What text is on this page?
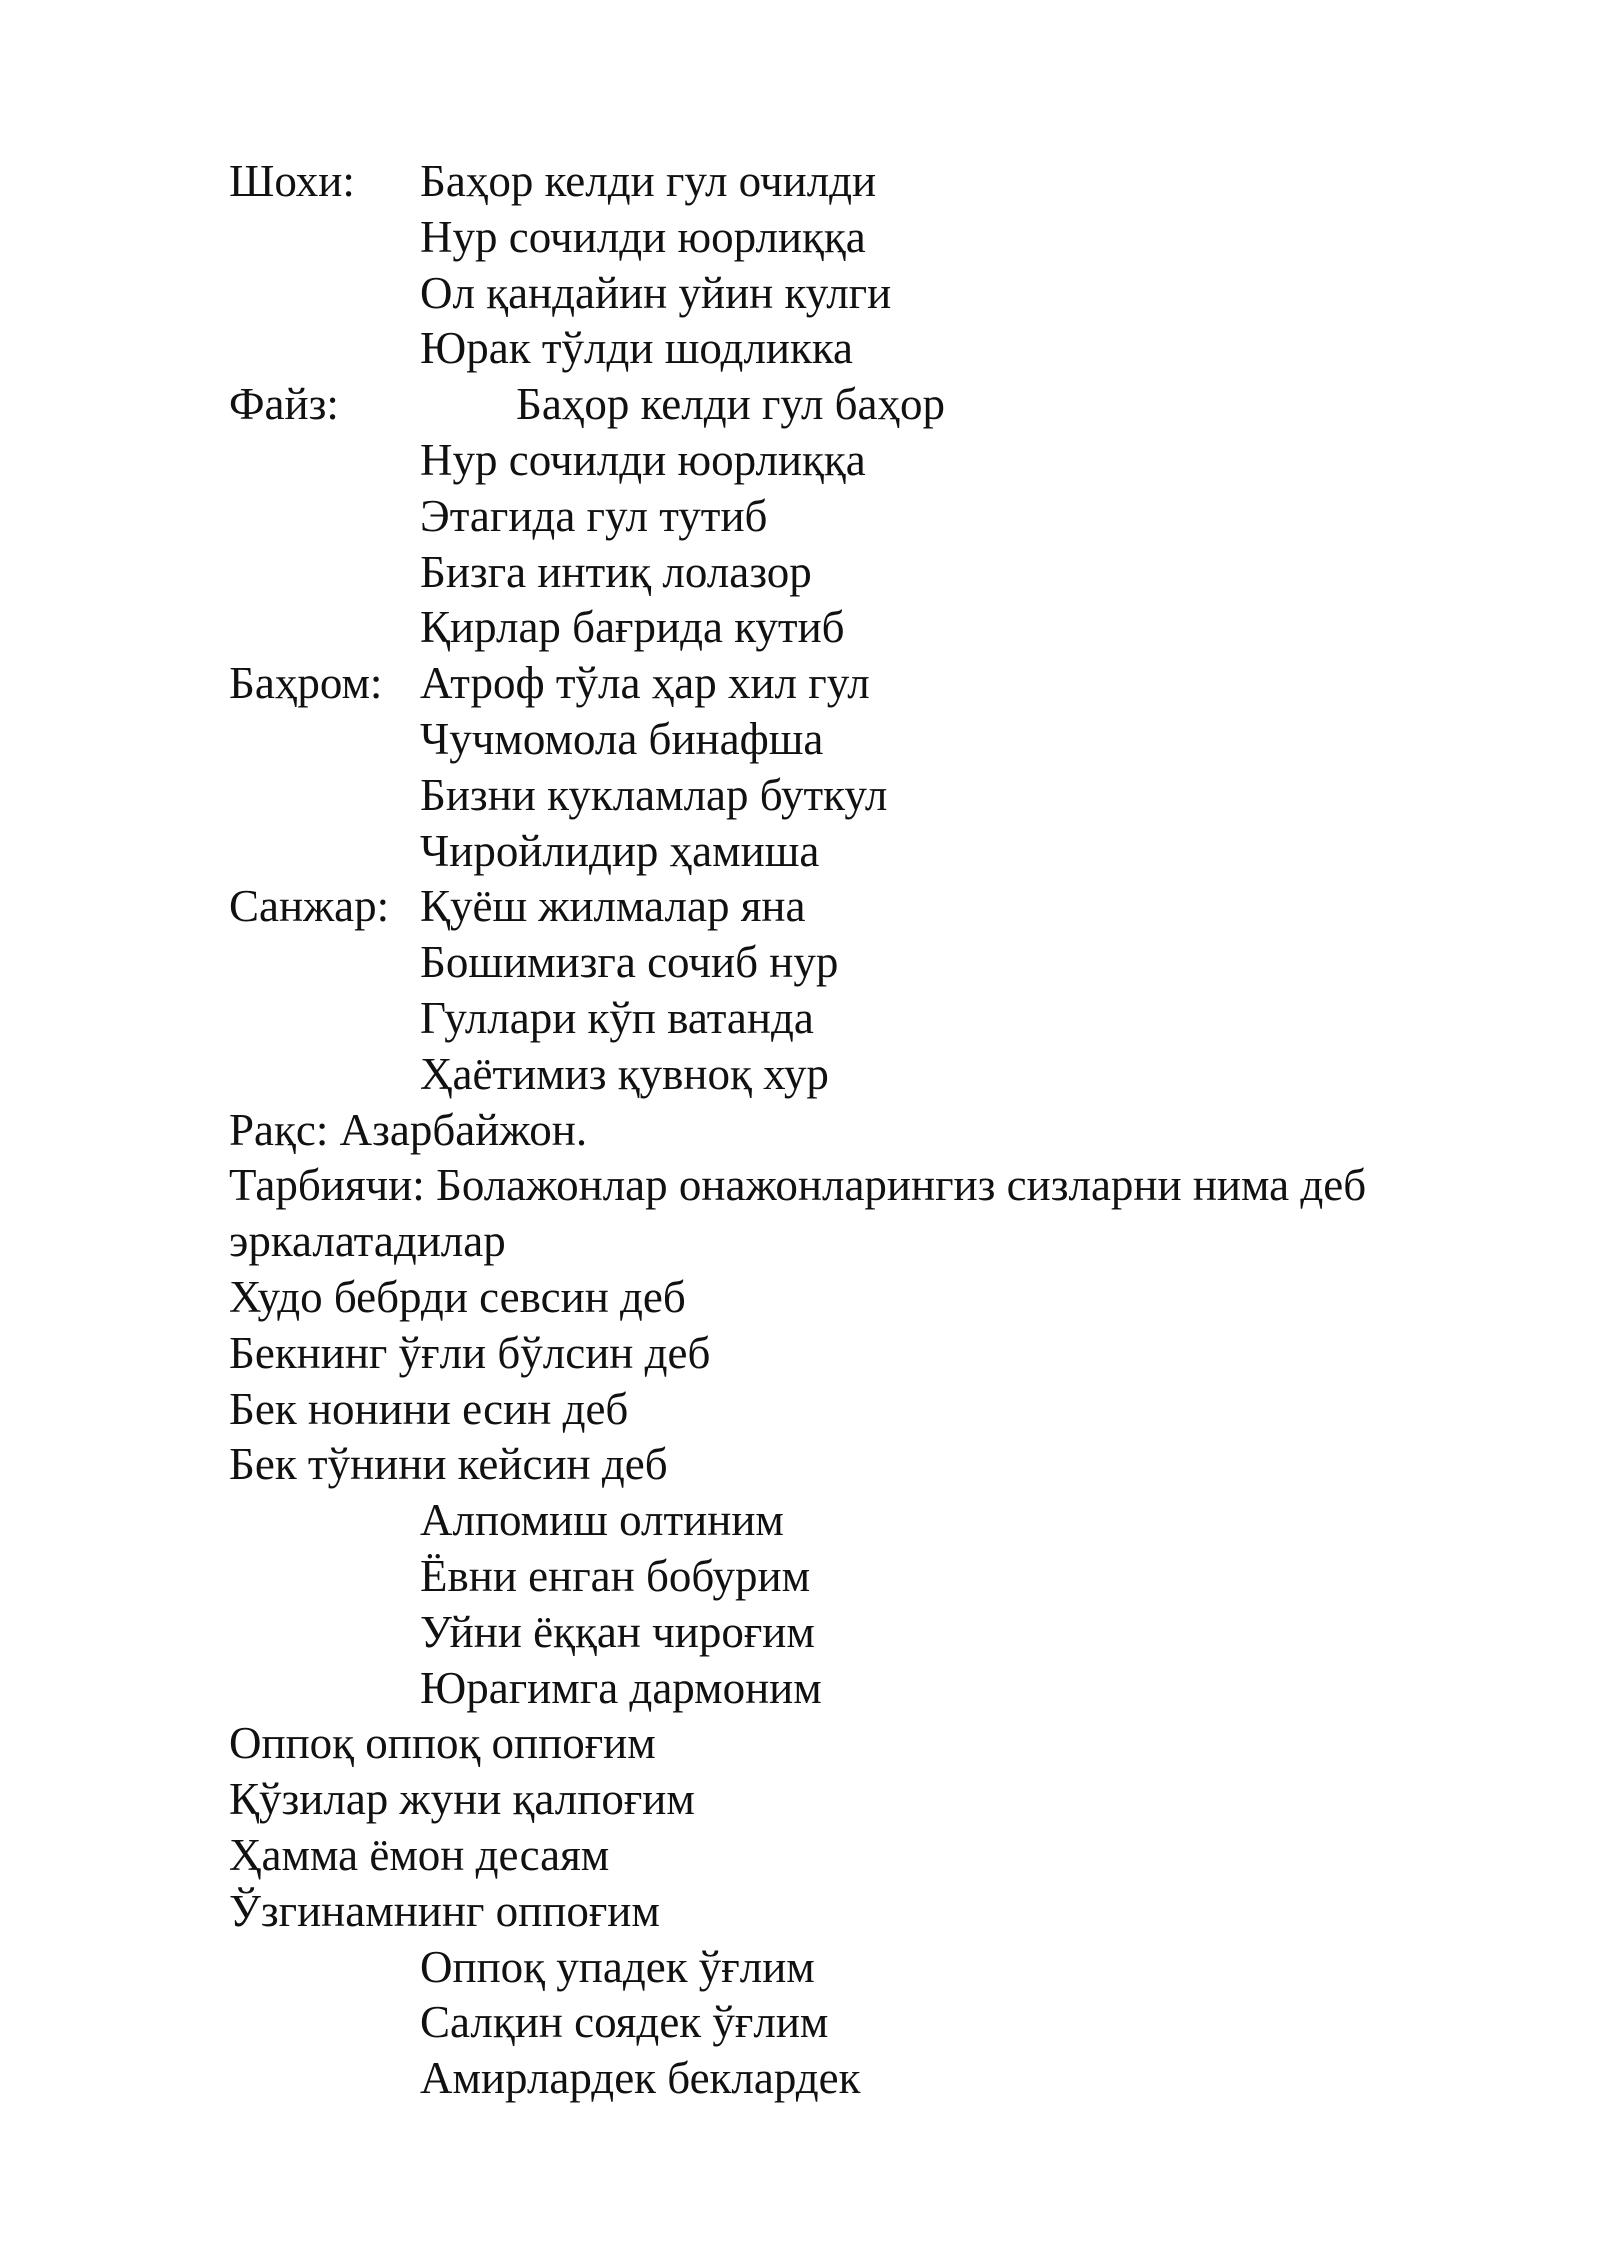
Шохи: Баҳор келди гул очилди
Нур сочилди юорлиққа
Ол қандайин уйин кулги
Юрак тўлди шодликка
Файз:	Баҳор келди гул баҳор
Нур сочилди юорлиққа
Этагида гул тутиб
Бизга интиқ лолазор
Қирлар бағрида кутиб
Баҳром: Атроф тўла ҳар хил гул
Чучмомола бинафша
Бизни кукламлар буткул
Чиройлидир ҳамиша
Санжар: Қуёш жилмалар яна
Бошимизга сочиб нур
Гуллари кўп ватанда
Ҳаётимиз қувноқ хур
Рақс: Азарбайжон.
Тарбиячи: Болажонлар онажонларингиз сизларни нима деб эркалатадилар
Худо бебрди севсин деб
Бекнинг ўғли бўлсин деб
Бек нонини есин деб
Бек тўнини кейсин деб
Алпомиш олтиним
Ёвни енган бобурим
Уйни ёққан чироғим
Юрагимга дармоним
Оппоқ оппоқ оппоғим
Қўзилар жуни қалпоғим
Ҳамма ёмон десаям
Ўзгинамнинг оппоғим
Оппоқ упадек ўғлим
Салқин соядек ўғлим
Амирлардек беклардек
